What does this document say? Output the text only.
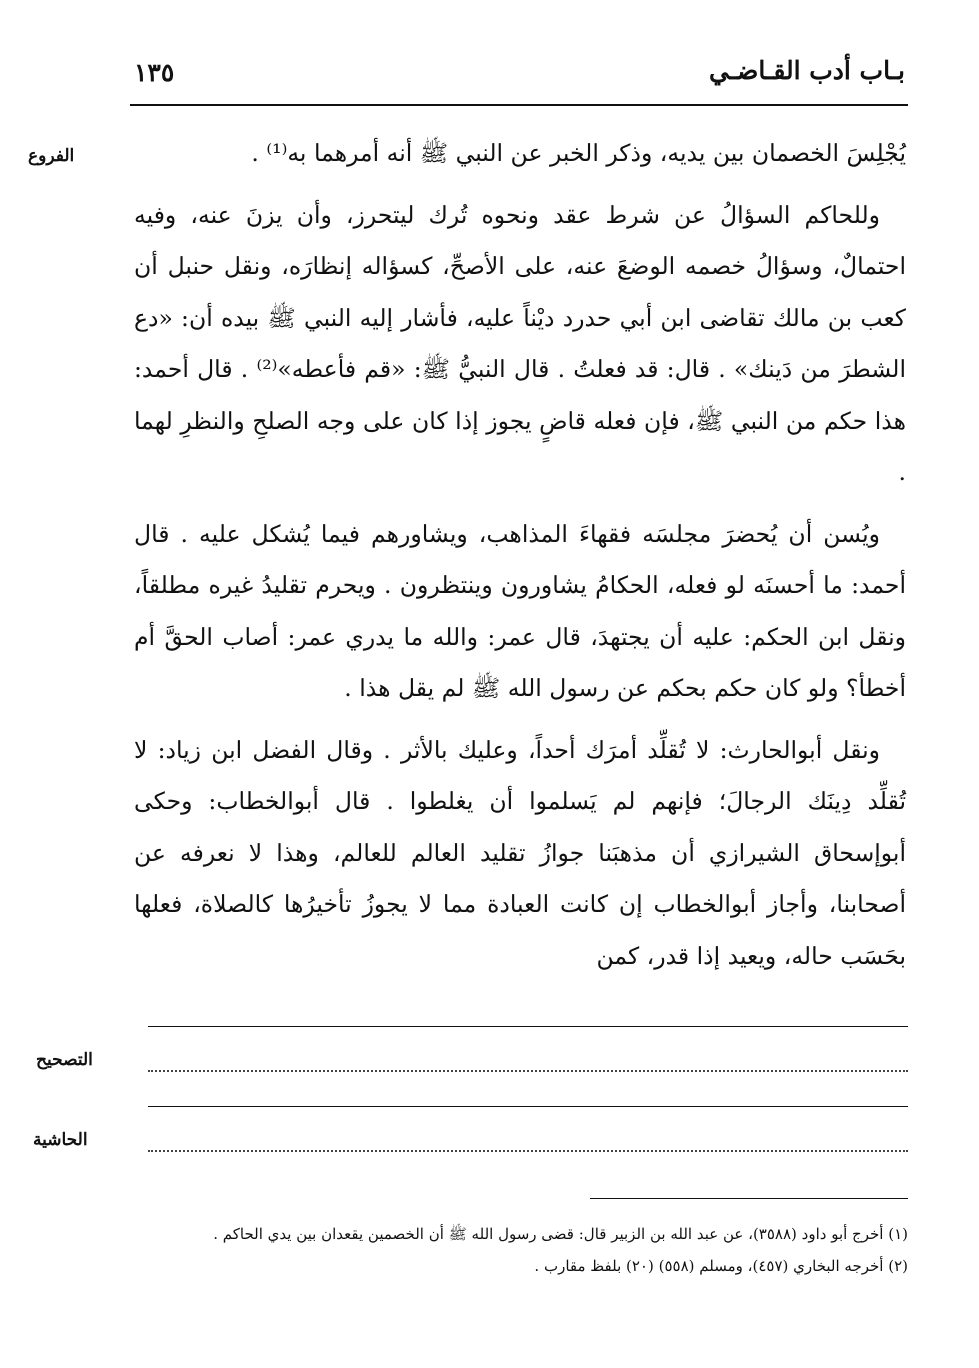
بـاب أدب القـاضـي
١٣٥
الفروع	يُجْلِسَ الخصمان بين يديه، وذكر الخبر عن النبي ﷺ أنه أمرهما به⁽¹⁾ .

وللحاكم السؤالُ عن شرط عقد ونحوه تُرك ليتحرز، وأن يزنَ عنه، وفيه احتمالٌ، وسؤالُ خصمه الوضعَ عنه، على الأصحِّ، كسؤاله إنظارَه، ونقل حنبل أن كعب بن مالك تقاضى ابن أبي حدرد ديْناً عليه، فأشار إليه النبي ﷺ بيده أن: «دع الشطرَ من دَينك» . قال: قد فعلتُ . قال النبيُّ ﷺ: «قم فأعطه»⁽²⁾ . قال أحمد: هذا حكم من النبي ﷺ، فإن فعله قاضٍ يجوز إذا كان على وجه الصلحِ والنظرِ لهما .

ويُسن أن يُحضرَ مجلسَه فقهاءَ المذاهب، ويشاورهم فيما يُشكل عليه . قال أحمد: ما أحسنَه لو فعله، الحكامُ يشاورون وينتظرون . ويحرم تقليدُ غيره مطلقاً، ونقل ابن الحكم: عليه أن يجتهدَ، قال عمر: والله ما يدري عمر: أصاب الحقَّ أم أخطأ؟ ولو كان حكم بحكم عن رسول الله ﷺ لم يقل هذا .

ونقل أبوالحارث: لا تُقلِّد أمرَك أحداً، وعليك بالأثر . وقال الفضل ابن زياد: لا تُقلِّد دِينَك الرجالَ؛ فإنهم لم يَسلموا أن يغلطوا . قال أبوالخطاب: وحكى أبوإسحاق الشيرازي أن مذهبَنا جوازُ تقليد العالم للعالم، وهذا لا نعرفه عن أصحابنا، وأجاز أبوالخطاب إن كانت العبادة مما لا يجوزُ تأخيرُها كالصلاة، فعلها بحَسَب حاله، ويعيد إذا قدر، كمن

التصحيح
الحاشية
(١) أخرج أبو داود (٣٥٨٨)، عن عبد الله بن الزبير قال: قضى رسول الله ﷺ أن الخصمين يقعدان بين يدي الحاكم .
(٢) أخرجه البخاري (٤٥٧)، ومسلم (٥٥٨) (٢٠) بلفظ مقارب .
